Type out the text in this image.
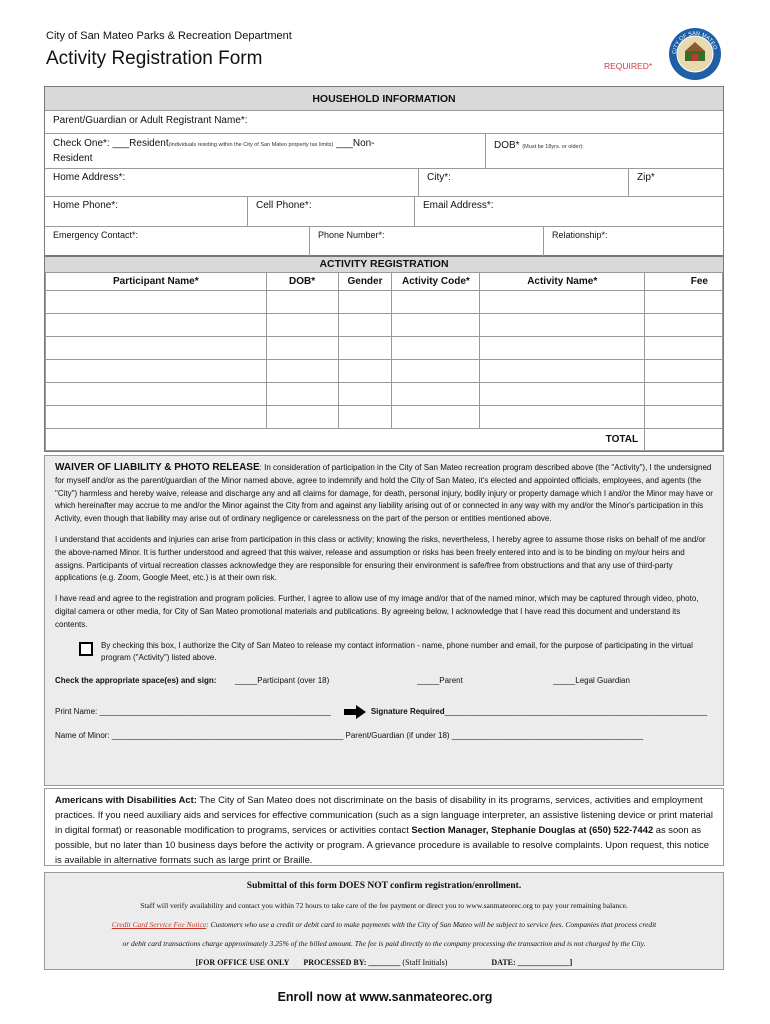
City of San Mateo Parks & Recreation Department
Activity Registration Form	REQUIRED*
CITY OF SAN MATEO
HOUSEHOLD INFORMATION
Parent/Guardian or Adult Registrant Name*:
Check One*: ___Resident(individuals residing within the City of San Mateo property tax limits) ___Non-
Resident
DOB* (Must be 18yrs. or older):
Home Address*:	City*:	Zip*
Home Phone*:	Cell Phone*:	Email Address*:
Emergency Contact*:	Phone Number*:	Relationship*:
ACTIVITY REGISTRATION
Participant Name*	DOB*	Gender	Activity Code*	Activity Name*	Fee

TOTAL					

WAIVER OF LIABILITY & PHOTO RELEASE: In consideration of participation in the City of San Mateo recreation program described above (the "Activity"), I the undersigned for myself and/or as the parent/guardian of the Minor named above, agree to indemnify and hold the City of San Mateo, it's elected and appointed officials, employees, and agents (the "City") harmless and hereby waive, release and discharge any and all claims for damage, for death, personal injury, bodily injury or property damage which I and/or the Minor may have or which hereinafter may accrue to me and/or the Minor against the City from and against any liability arising out of or connected in any way with my and/or the Minor's participation in this Activity, even though that liability may arise out of ordinary negligence or carelessness on the part of the person or entities mentioned above.

I understand that accidents and injuries can arise from participation in this class or activity; knowing the risks, nevertheless, I hereby agree to assume those risks on behalf of me and/or the above-named Minor. It is further understood and agreed that this waiver, release and assumption or risks has been freely entered into and is to be binding on my/our heirs and assigns. Participants of virtual recreation classes acknowledge they are responsible for ensuring their environment is safe/free from obstructions and that any use of third-party applications (e.g. Zoom, Google Meet, etc.) is at their own risk.

I have read and agree to the registration and program policies. Further, I agree to allow use of my image and/or that of the named minor, which may be captured through video, photo, digital camera or other media, for City of San Mateo promotional materials and publications. By agreeing below, I acknowledge that I have read this document and understand its contents.

By checking this box, I authorize the City of San Mateo to release my contact information - name, phone number and email, for the purpose of participating in the virtual program ("Activity") listed above.
Check the appropriate space(es) and sign:	_____Participant (over 18)	_____Parent	_____Legal Guardian
Print Name: ____________________________________________________	Signature Required ___________________________________________________________
Name of Minor: ____________________________________________________ Parent/Guardian (if under 18) ___________________________________________
Americans with Disabilities Act: The City of San Mateo does not discriminate on the basis of disability in its programs, services, activities and employment practices. If you need auxiliary aids and services for effective communication (such as a sign language interpreter, an assistive listening device or print material in digital format) or reasonable modification to programs, services or activities contact Section Manager, Stephanie Douglas at (650) 522-7442 as soon as possible, but no later than 10 business days before the activity or program. A grievance procedure is available to resolve complaints. Upon request, this notice is available in alternative formats such as large print or Braille.
Submittal of this form DOES NOT confirm registration/enrollment.
Staff will verify availability and contact you within 72 hours to take care of the fee payment or direct you to www.sanmateorec.org to pay your remaining balance.
Credit Card Service Fee Notice: Customers who use a credit or debit card to make payments with the City of San Mateo will be subject to service fees. Companies that process credit
or debit card transactions charge approximately 3.25% of the billed amount. The fee is paid directly to the company processing the transaction and is not charged by the City.
[FOR OFFICE USE ONLY PROCESSED BY: ________ (Staff Initials)	DATE: _____________]
Enroll now at www.sanmateorec.org
